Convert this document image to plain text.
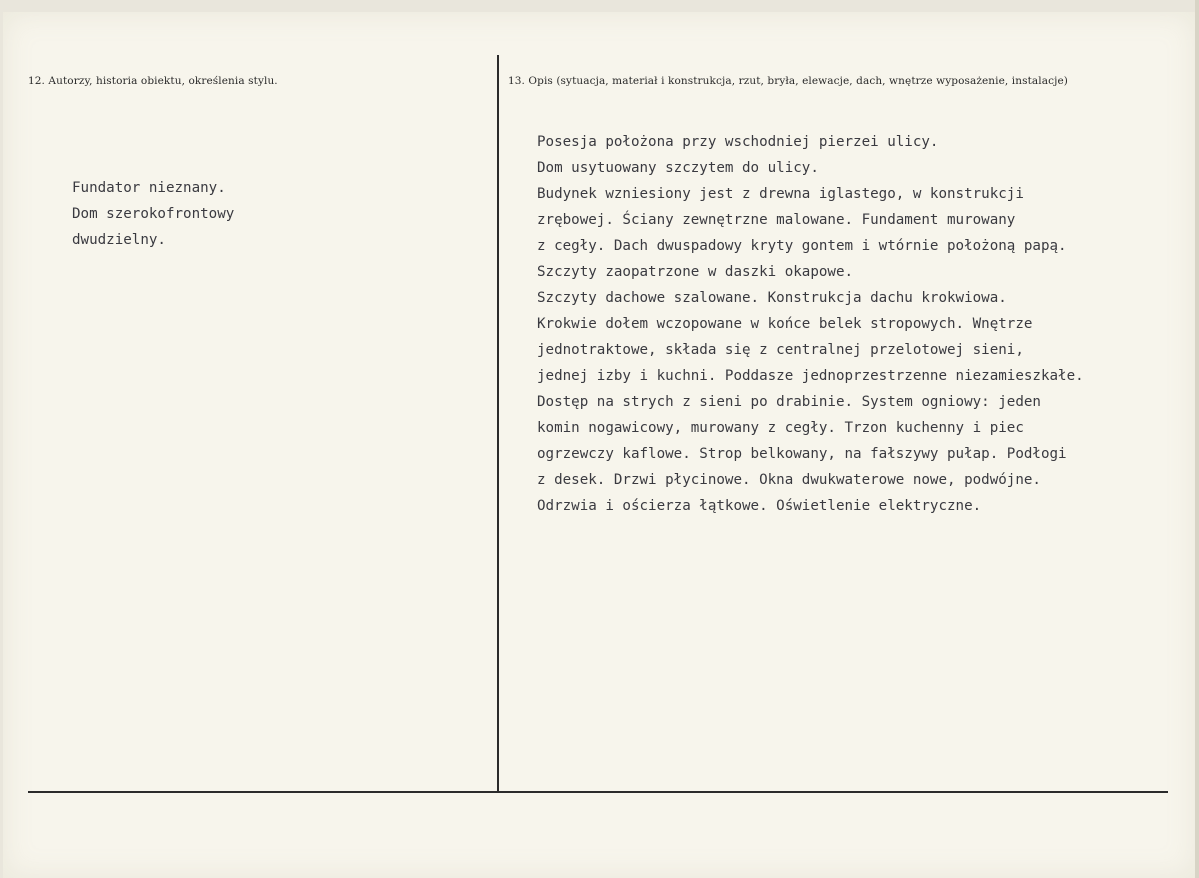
12. Autorzy, historia obiektu, określenia stylu.	13. Opis (sytuacja, materiał i konstrukcja, rzut, bryła, elewacje, dach, wnętrze wyposażenie, instalacje)
Fundator nieznany.
Dom szerokofrontowy
dwudzielny.
Posesja położona przy wschodniej pierzei ulicy.
Dom usytuowany szczytem do ulicy.
Budynek wzniesiony jest z drewna iglastego, w konstrukcji
zrębowej. Ściany zewnętrzne malowane. Fundament murowany
z cegły. Dach dwuspadowy kryty gontem i wtórnie położoną papą.
Szczyty zaopatrzone w daszki okapowe.
Szczyty dachowe szalowane. Konstrukcja dachu krokwiowa.
Krokwie dołem wczopowane w końce belek stropowych. Wnętrze
jednotraktowe, składa się z centralnej przelotowej sieni,
jednej izby i kuchni. Poddasze jednoprzestrzenne niezamieszkałe.
Dostęp na strych z sieni po drabinie. System ogniowy: jeden
komin nogawicowy, murowany z cegły. Trzon kuchenny i piec
ogrzewczy kaflowe. Strop belkowany, na fałszywy pułap. Podłogi
z desek. Drzwi płycinowe. Okna dwukwaterowe nowe, podwójne.
Odrzwia i ościerza łątkowe. Oświetlenie elektryczne.
